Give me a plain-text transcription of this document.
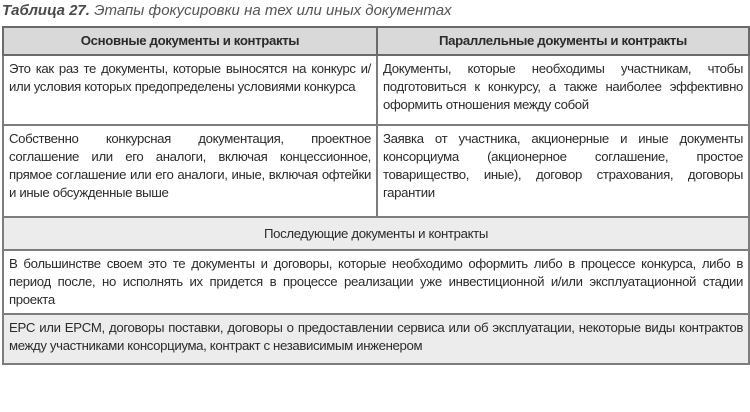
Таблица 27. Этапы фокусировки на тех или иных документах
Основные документы и контракты	Параллельные документы и контракты
Это как раз те документы, которые выносятся на конкурс и/или условия которых предопределены условиями конкурса	Документы, которые необходимы участникам, чтобы подготовиться к конкурсу, а также наиболее эффективно оформить отношения между собой
Собственно конкурсная документация, проектное соглашение или его аналоги, включая концессионное, прямое соглашение или его аналоги, иные, включая офтейки и иные обсужденные выше	Заявка от участника, акционерные и иные документы консорциума (акционерное соглашение, простое товарищество, иные), договор страхования, договоры гарантии
Последующие документы и контракты	
В большинстве своем это те документы и договоры, которые необходимо оформить либо в процессе конкурса, либо в период после, но исполнять их придется в процессе реализации уже инвестиционной и/или эксплуатационной стадии проекта	
EPC или EPCM, договоры поставки, договоры о предоставлении сервиса или об эксплуатации, некоторые виды контрактов между участниками консорциума, контракт с независимым инженером	
